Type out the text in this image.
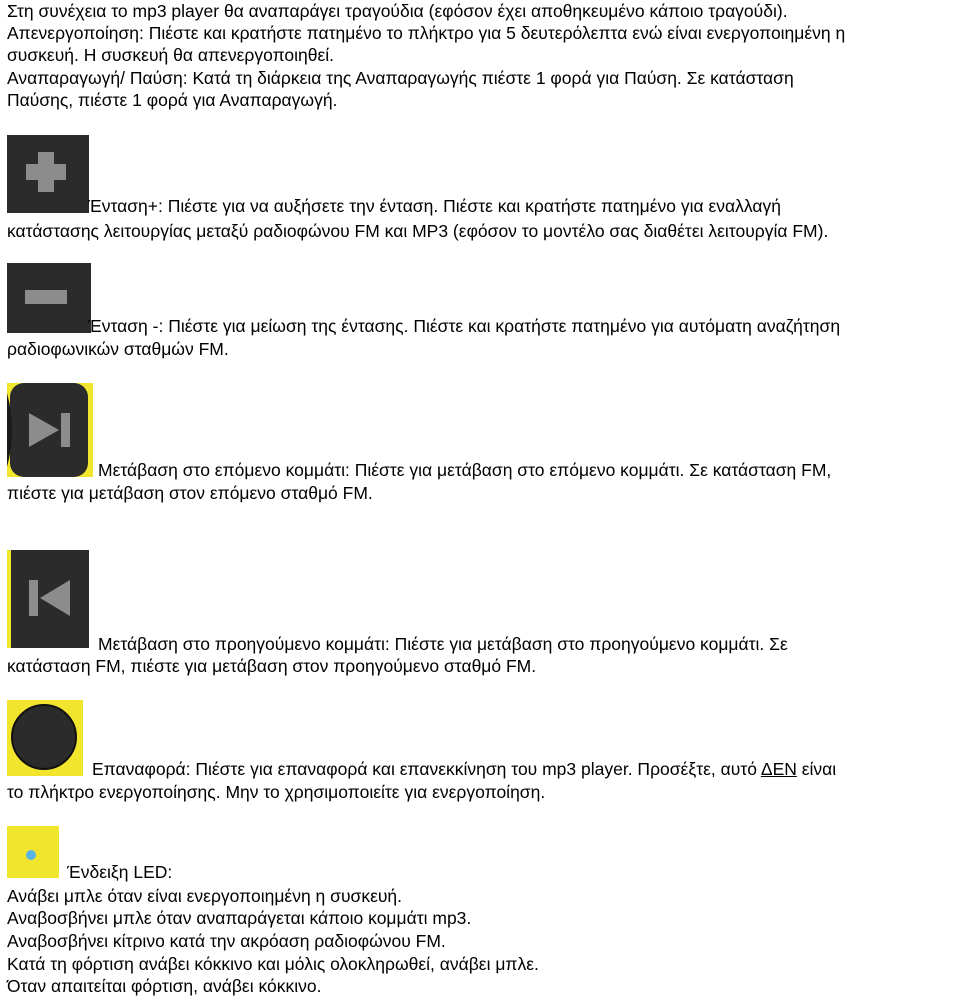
Στη συνέχεια το mp3 player θα αναπαράγει τραγούδια (εφόσον έχει αποθηκευμένο κάποιο τραγούδι).
Απενεργοποίηση: Πιέστε και κρατήστε πατημένο το πλήκτρο για 5 δευτερόλεπτα ενώ είναι ενεργοποιημένη η
συσκευή. Η συσκευή θα απενεργοποιηθεί.
Αναπαραγωγή/ Παύση: Κατά τη διάρκεια της Αναπαραγωγής πιέστε 1 φορά για Παύση. Σε κατάσταση
Παύσης, πιέστε 1 φορά για Αναπαραγωγή.
Ένταση+: Πιέστε για να αυξήσετε την ένταση. Πιέστε και κρατήστε πατημένο για εναλλαγή
κατάστασης λειτουργίας μεταξύ ραδιοφώνου FM και MP3 (εφόσον το μοντέλο σας διαθέτει λειτουργία FM).
Ένταση -: Πιέστε για μείωση της έντασης. Πιέστε και κρατήστε πατημένο για αυτόματη αναζήτηση
ραδιοφωνικών σταθμών FM.
Μετάβαση στο επόμενο κομμάτι: Πιέστε για μετάβαση στο επόμενο κομμάτι. Σε κατάσταση FM,
πιέστε για μετάβαση στον επόμενο σταθμό FM.
Μετάβαση στο προηγούμενο κομμάτι: Πιέστε για μετάβαση στο προηγούμενο κομμάτι. Σε
κατάσταση FM, πιέστε για μετάβαση στον προηγούμενο σταθμό FM.
Επαναφορά: Πιέστε για επαναφορά και επανεκκίνηση του mp3 player. Προσέξτε, αυτό ΔΕΝ είναι
το πλήκτρο ενεργοποίησης. Μην το χρησιμοποιείτε για ενεργοποίηση.
Ένδειξη LED:
Ανάβει μπλε όταν είναι ενεργοποιημένη η συσκευή.
Αναβοσβήνει μπλε όταν αναπαράγεται κάποιο κομμάτι mp3.
Αναβοσβήνει κίτρινο κατά την ακρόαση ραδιοφώνου FM.
Κατά τη φόρτιση ανάβει κόκκινο και μόλις ολοκληρωθεί, ανάβει μπλε.
Όταν απαιτείται φόρτιση, ανάβει κόκκινο.
